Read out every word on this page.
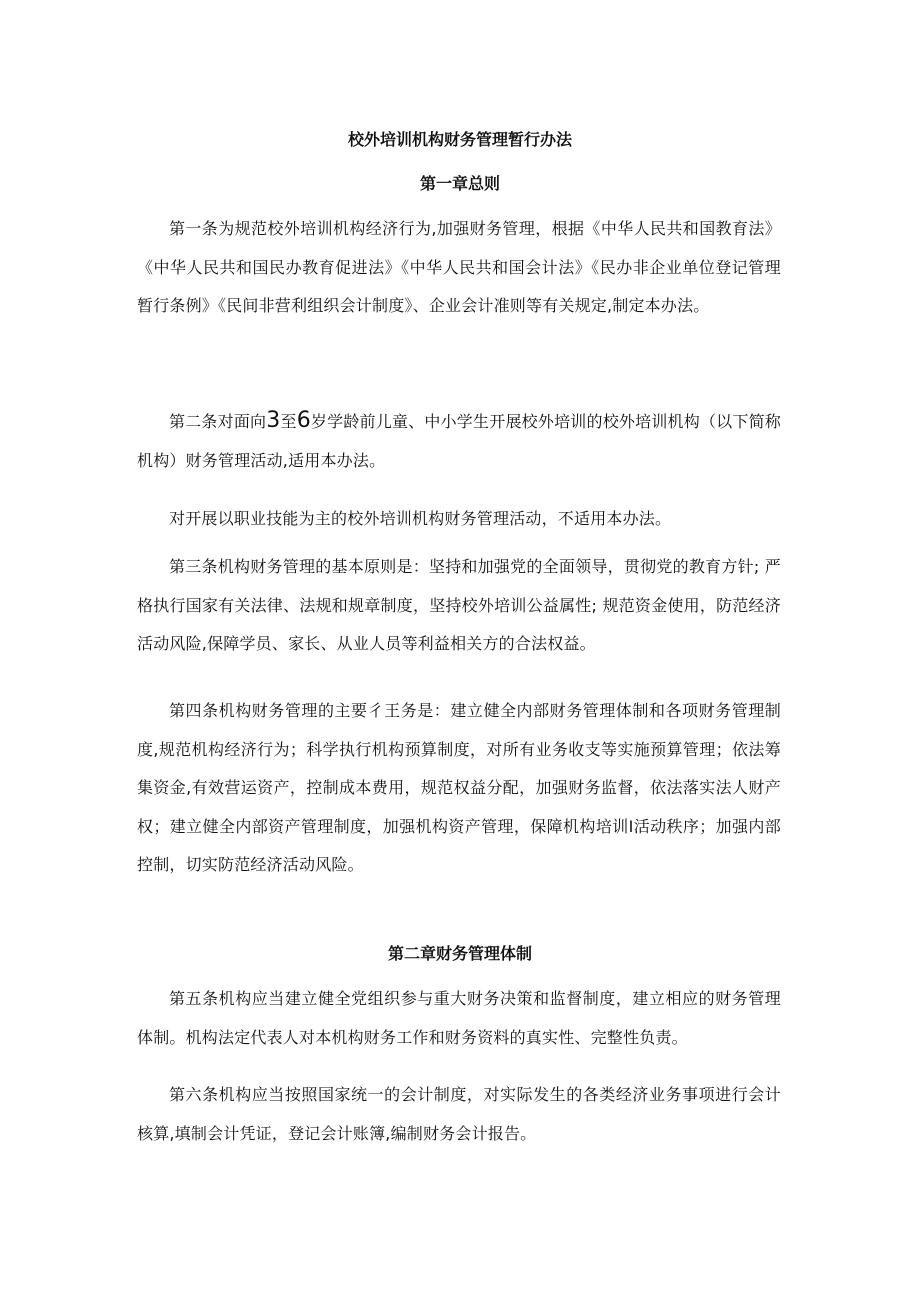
校外培训机构财务管理暂行办法
第一章总则

第一条为规范校外培训机构经济行为,加强财务管理，根据《中华人民共和国教育法》《中华人民共和国民办教育促进法》《中华人民共和国会计法》《民办非企业单位登记管理暂行条例》《民间非营利组织会计制度》、企业会计准则等有关规定,制定本办法。

第二条对面向3至6岁学龄前儿童、中小学生开展校外培训的校外培训机构（以下简称机构）财务管理活动,适用本办法。

对开展以职业技能为主的校外培训机构财务管理活动，不适用本办法。

第三条机构财务管理的基本原则是：坚持和加强党的全面领导，贯彻党的教育方针; 严格执行国家有关法律、法规和规章制度，坚持校外培训公益属性; 规范资金使用，防范经济活动风险,保障学员、家长、从业人员等利益相关方的合法权益。

第四条机构财务管理的主要彳王务是：建立健全内部财务管理体制和各项财务管理制度,规范机构经济行为；科学执行机构预算制度，对所有业务收支等实施预算管理；依法筹集资金,有效营运资产，控制成本费用，规范权益分配，加强财务监督，依法落实法人财产权；建立健全内部资产管理制度，加强机构资产管理，保障机构培训Ⅰ活动秩序；加强内部控制，切实防范经济活动风险。

第二章财务管理体制

第五条机构应当建立健全党组织参与重大财务决策和监督制度，建立相应的财务管理体制。机构法定代表人对本机构财务工作和财务资料的真实性、完整性负责。

第六条机构应当按照国家统一的会计制度，对实际发生的各类经济业务事项进行会计核算,填制会计凭证，登记会计账簿,编制财务会计报告。
